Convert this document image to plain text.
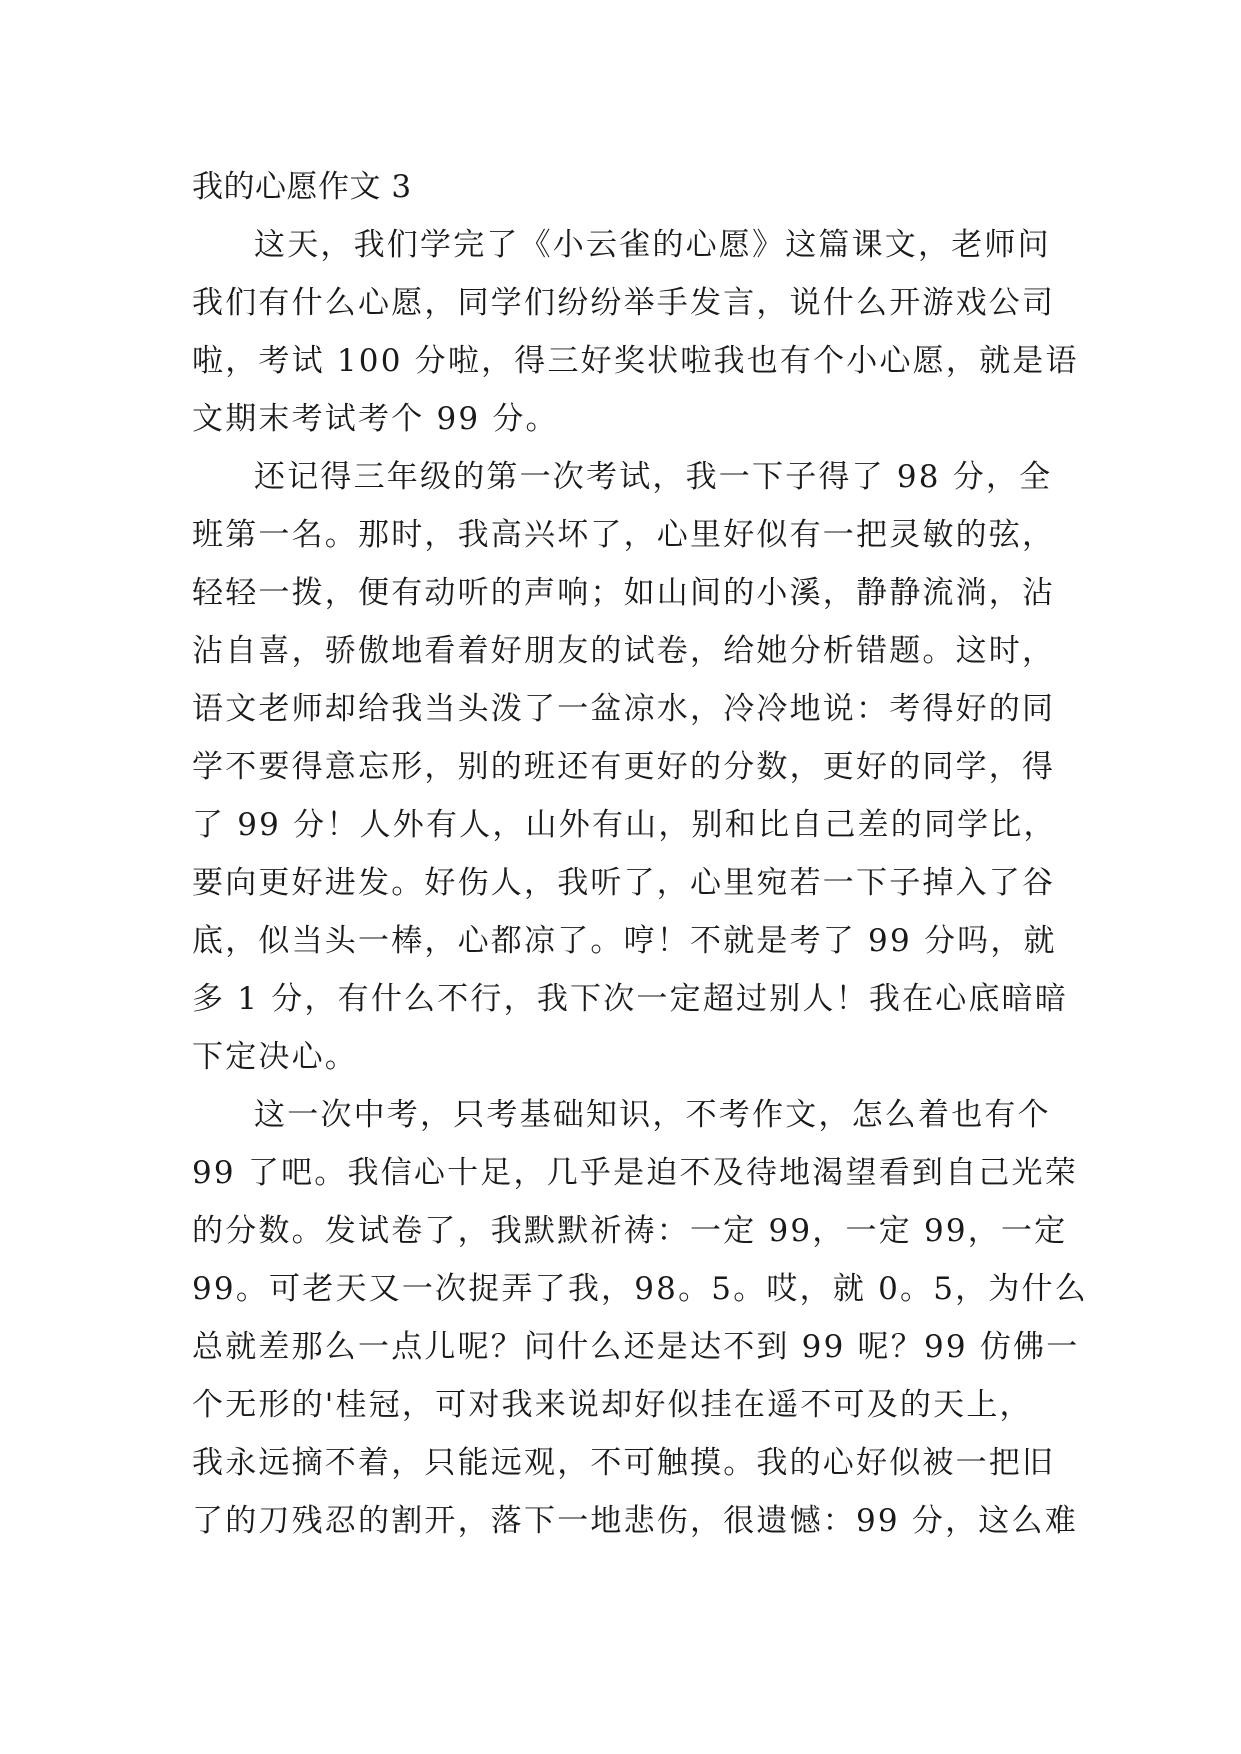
我的心愿作文 3
这天，我们学完了《小云雀的心愿》这篇课文，老师问
我们有什么心愿，同学们纷纷举手发言，说什么开游戏公司
啦，考试 100 分啦，得三好奖状啦我也有个小心愿，就是语
文期末考试考个 99 分。
还记得三年级的第一次考试，我一下子得了 98 分，全
班第一名。那时，我高兴坏了，心里好似有一把灵敏的弦，
轻轻一拨，便有动听的声响；如山间的小溪，静静流淌，沾
沾自喜，骄傲地看着好朋友的试卷，给她分析错题。这时，
语文老师却给我当头泼了一盆凉水，冷冷地说：考得好的同
学不要得意忘形，别的班还有更好的分数，更好的同学，得
了 99 分！人外有人，山外有山，别和比自己差的同学比，
要向更好进发。好伤人，我听了，心里宛若一下子掉入了谷
底，似当头一棒，心都凉了。哼！不就是考了 99 分吗，就
多 1 分，有什么不行，我下次一定超过别人！我在心底暗暗
下定决心。
这一次中考，只考基础知识，不考作文，怎么着也有个
99 了吧。我信心十足，几乎是迫不及待地渴望看到自己光荣
的分数。发试卷了，我默默祈祷：一定 99，一定 99，一定
99。可老天又一次捉弄了我，98。5。哎，就 0。5，为什么
总就差那么一点儿呢？问什么还是达不到 99 呢？99 仿佛一
个无形的'桂冠，可对我来说却好似挂在遥不可及的天上，
我永远摘不着，只能远观，不可触摸。我的心好似被一把旧
了的刀残忍的割开，落下一地悲伤，很遗憾：99 分，这么难
